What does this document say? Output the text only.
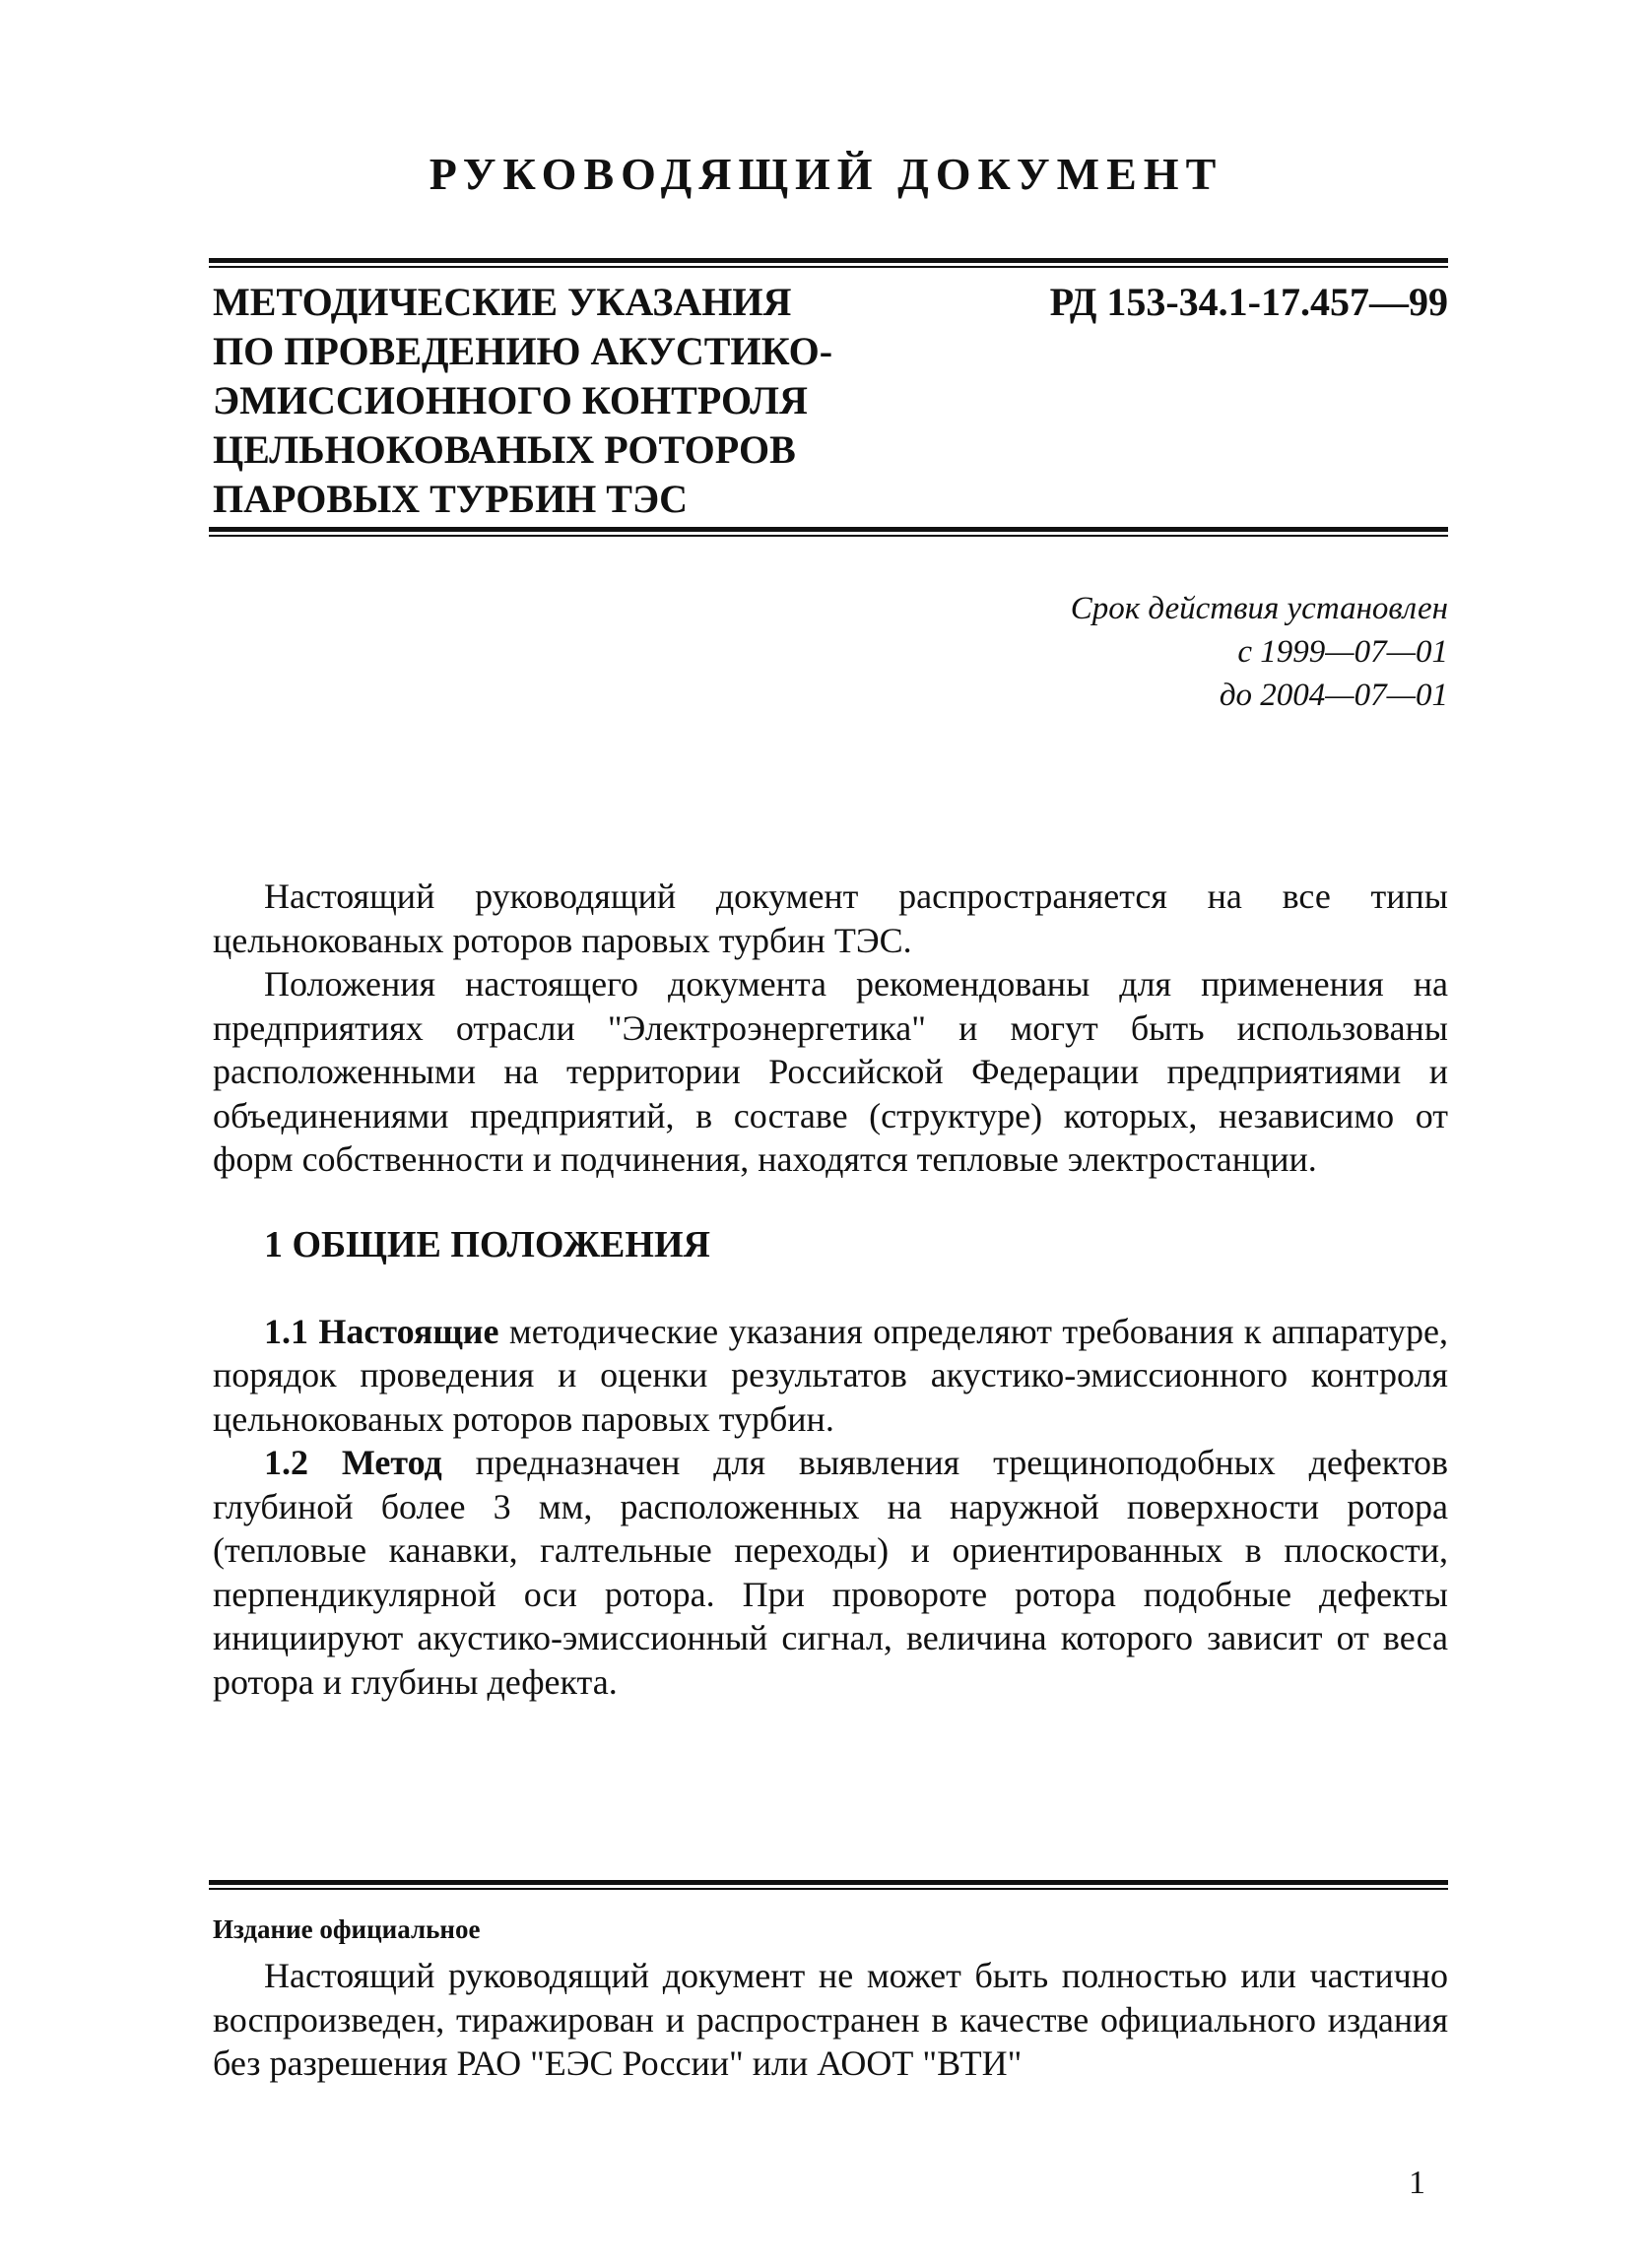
РУКОВОДЯЩИЙ ДОКУМЕНТ
МЕТОДИЧЕСКИЕ УКАЗАНИЯ
ПО ПРОВЕДЕНИЮ АКУСТИКО-
ЭМИССИОННОГО КОНТРОЛЯ
ЦЕЛЬНОКОВАНЫХ РОТОРОВ
ПАРОВЫХ ТУРБИН ТЭС
РД 153-34.1-17.457—99
Срок действия установлен
с 1999—07—01
до 2004—07—01

Настоящий руководящий документ распространяется на все типы цельнокованых роторов паровых турбин ТЭС.

Положения настоящего документа рекомендованы для применения на предприятиях отрасли "Электроэнергетика" и могут быть использованы расположенными на территории Российской Федерации предприятиями и объединениями предприятий, в составе (структуре) которых, независимо от форм собственности и подчинения, находятся тепловые электростанции.

1 ОБЩИЕ ПОЛОЖЕНИЯ

1.1 Настоящие методические указания определяют требования к аппаратуре, порядок проведения и оценки результатов акустико-эмиссионного контроля цельнокованых роторов паровых турбин.

1.2 Метод предназначен для выявления трещиноподобных дефектов глубиной более 3 мм, расположенных на наружной поверхности ротора (тепловые канавки, галтельные переходы) и ориентированных в плоскости, перпендикулярной оси ротора. При провороте ротора подобные дефекты инициируют акустико-эмиссионный сигнал, величина которого зависит от веса ротора и глубины дефекта.

Издание официальное

Настоящий руководящий документ не может быть полностью или частично воспроизведен, тиражирован и распространен в качестве официального издания без разрешения РАО "ЕЭС России" или АООТ "ВТИ"

1
